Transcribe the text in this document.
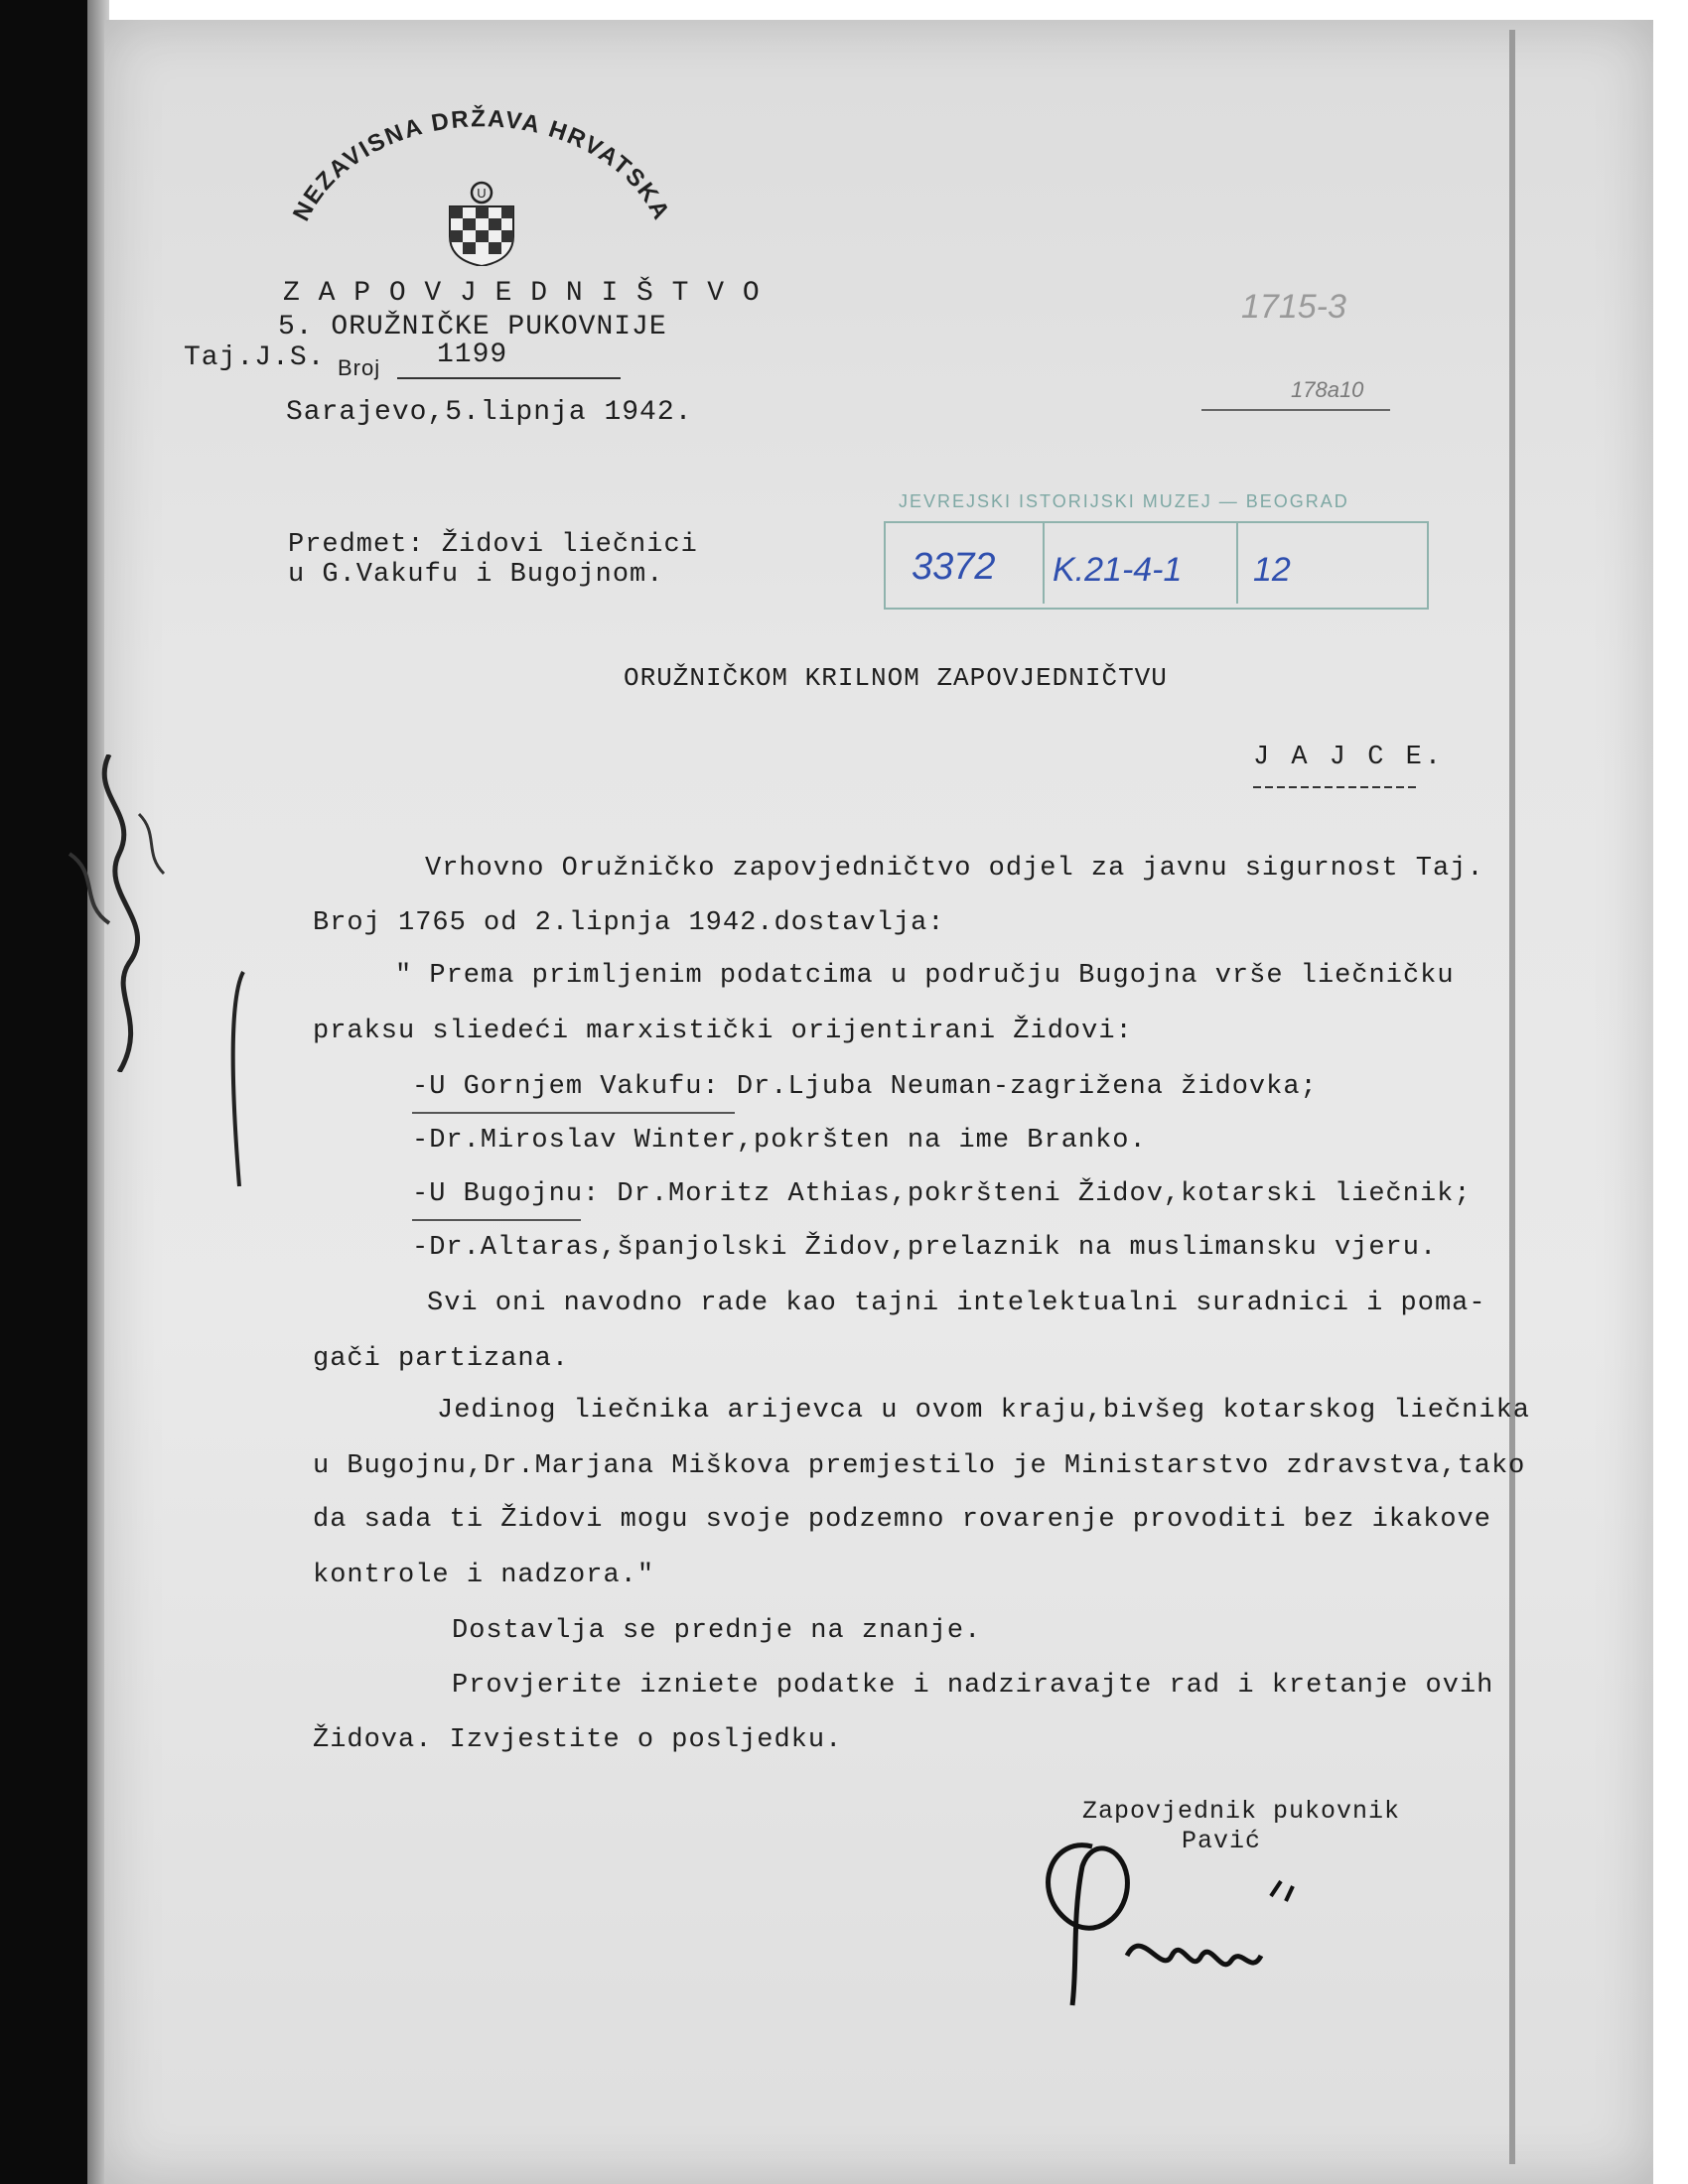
NEZAVISNA DRŽAVA HRVATSKA
U
Z A P O V J E D N I Š T V O
5. ORUŽNIČKE PUKOVNIJE
Taj.J.S. Broj 1199
Sarajevo,5.lipnja 1942.
1715-3
178a10
JEVREJSKI ISTORIJSKI MUZEJ — BEOGRAD
3372 K.21-4-1 12
Predmet: Židovi liečnici
u G.Vakufu i Bugojnom.
ORUŽNIČKOM KRILNOM ZAPOVJEDNIČTVU
J A J C E.
Vrhovno Oružničko zapovjedničtvo odjel za javnu sigurnost Taj.
Broj 1765 od 2.lipnja 1942.dostavlja:
" Prema primljenim podatcima u području Bugojna vrše liečničku
praksu sliedeći marxistički orijentirani Židovi:
-U Gornjem Vakufu: Dr.Ljuba Neuman-zagrižena židovka;
-Dr.Miroslav Winter,pokršten na ime Branko.
-U Bugojnu: Dr.Moritz Athias,pokršteni Židov,kotarski liečnik;
-Dr.Altaras,španjolski Židov,prelaznik na muslimansku vjeru.
Svi oni navodno rade kao tajni intelektualni suradnici i poma-
gači partizana.
Jedinog liečnika arijevca u ovom kraju,bivšeg kotarskog liečnika
u Bugojnu,Dr.Marjana Miškova premjestilo je Ministarstvo zdravstva,tako
da sada ti Židovi mogu svoje podzemno rovarenje provoditi bez ikakove
kontrole i nadzora."
Dostavlja se prednje na znanje.
Provjerite izniete podatke i nadziravajte rad i kretanje ovih
Židova. Izvjestite o posljedku.
Zapovjednik pukovnik
Pavić
